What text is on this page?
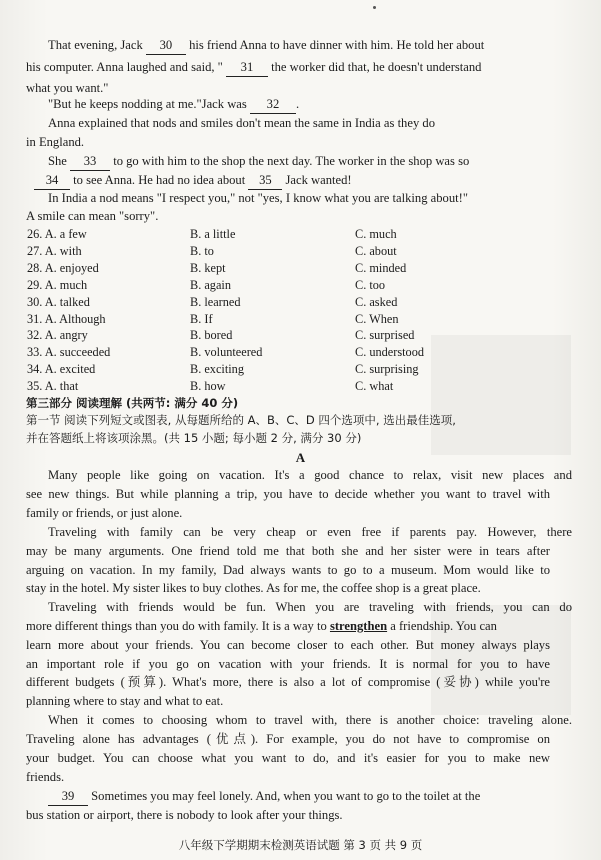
That evening, Jack 30 his friend Anna to have dinner with him. He told her about

his computer. Anna laughed and said, " 31 the worker did that, he doesn't understand

what you want."

"But he keeps nodding at me."Jack was 32 .

Anna explained that nods and smiles don't mean the same in India as they do

in England.

She 33 to go with him to the shop the next day. The worker in the shop was so

34 to see Anna. He had no idea about 35 Jack wanted!

In India a nod means "I respect you," not "yes, I know what you are talking about!"

A smile can mean "sorry".

26. A. a few	B. a little	C. much
27. A. with	B. to	C. about
28. A. enjoyed	B. kept	C. minded
29. A. much	B. again	C. too
30. A. talked	B. learned	C. asked
31. A. Although	B. If	C. When
32. A. angry	B. bored	C. surprised
33. A. succeeded	B. volunteered	C. understood
34. A. excited	B. exciting	C. surprising
35. A. that	B. how	C. what

第三部分 阅读理解 (共两节: 满分 40 分)

第一节 阅读下列短文或图表, 从每题所给的 A、B、C、D 四个选项中, 选出最佳选项,

并在答题纸上将该项涂黑。(共 15 小题; 每小题 2 分, 满分 30 分)

A

Many people like going on vacation. It's a good chance to relax, visit new places and

see new things. But while planning a trip, you have to decide whether you want to travel with

family or friends, or just alone.

Traveling with family can be very cheap or even free if parents pay. However, there

may be many arguments. One friend told me that both she and her sister were in tears after

arguing on vacation. In my family, Dad always wants to go to a museum. Mom would like to

stay in the hotel. My sister likes to buy clothes. As for me, the coffee shop is a great place.

Traveling with friends would be fun. When you are traveling with friends, you can do

more different things than you do with family. It is a way to strengthen a friendship. You can

learn more about your friends. You can become closer to each other. But money always plays

an important role if you go on vacation with your friends. It is normal for you to have

different budgets (预算). What's more, there is also a lot of compromise (妥协) while you're

planning where to stay and what to eat.

When it comes to choosing whom to travel with, there is another choice: traveling alone.

Traveling alone has advantages (优点). For example, you do not have to compromise on

your budget. You can choose what you want to do, and it's easier for you to make new

friends.

39 Sometimes you may feel lonely. And, when you want to go to the toilet at the

bus station or airport, there is nobody to look after your things.

八年级下学期期末检测英语试题 第 3 页 共 9 页
